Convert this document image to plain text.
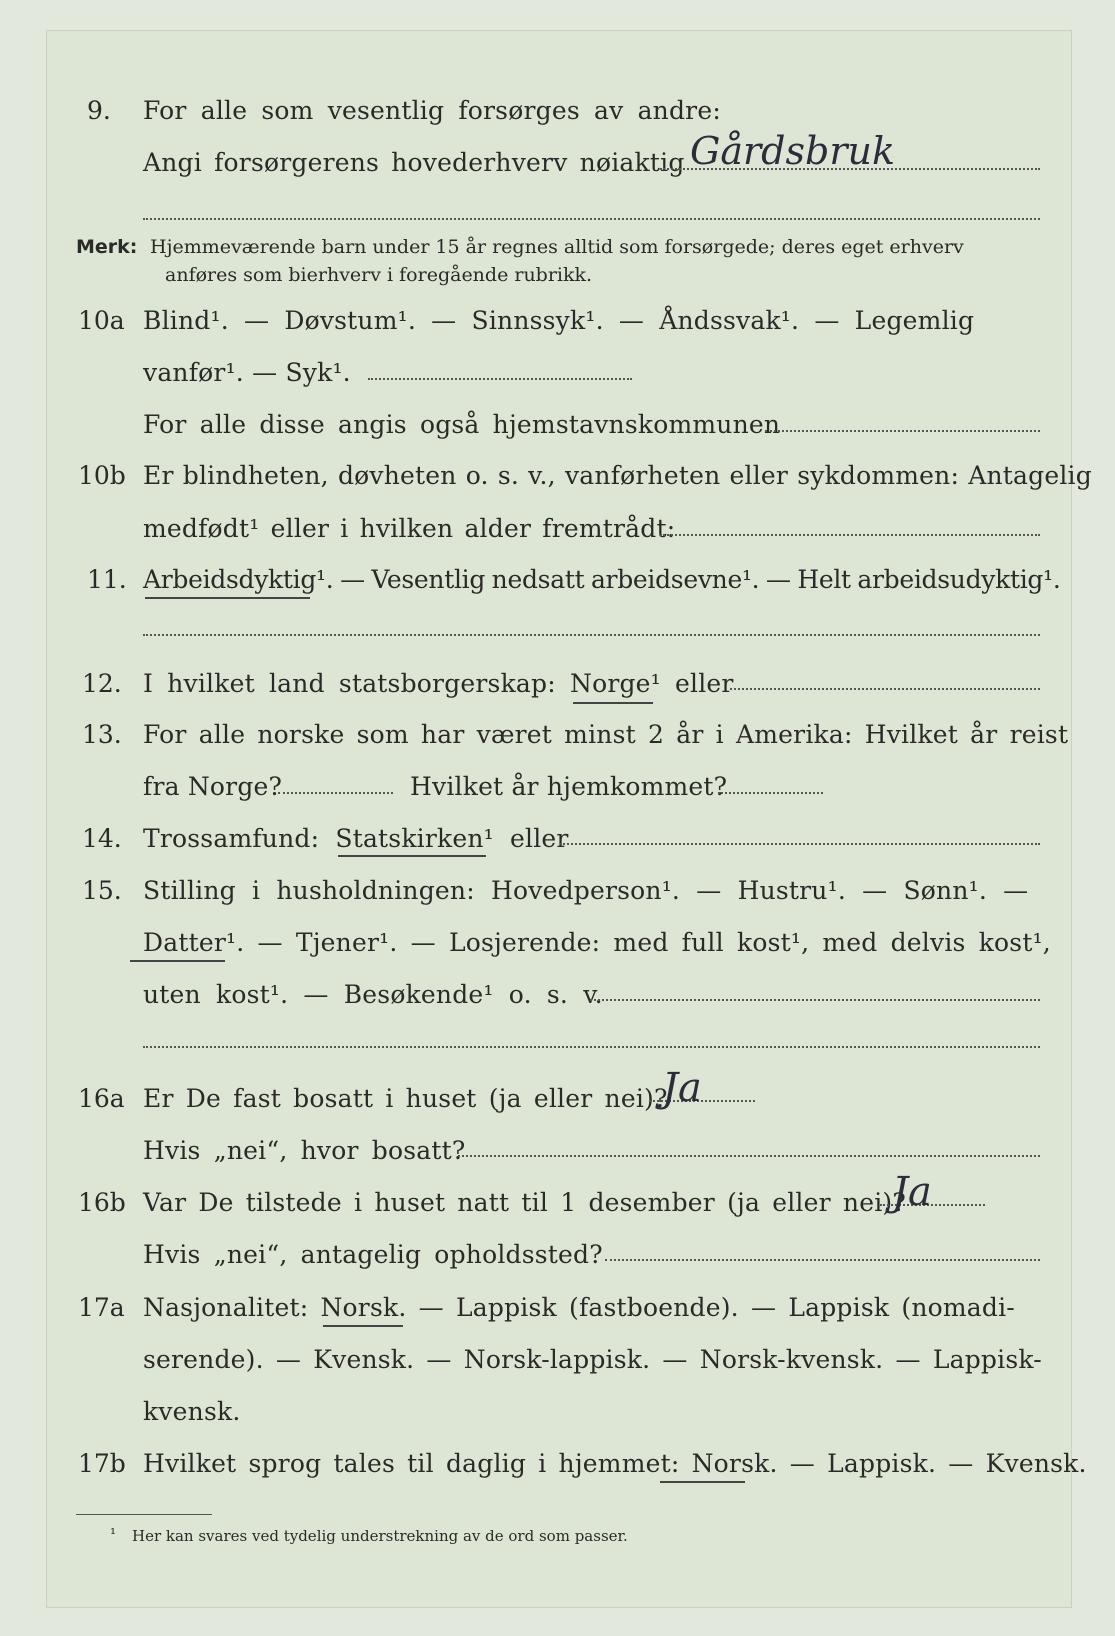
9. For alle som vesentlig forsørges av andre:
Angi forsørgerens hovederhverv nøiaktig Gårdsbruk
Merk: Hjemmeværende barn under 15 år regnes alltid som forsørgede; deres eget erhverv
anføres som bierhverv i foregående rubrikk.
10a Blind¹. — Døvstum¹. — Sinnssyk¹. — Åndssvak¹. — Legemlig
vanfør¹. — Syk¹.
For alle disse angis også hjemstavnskommunen
10b Er blindheten, døvheten o. s. v., vanførheten eller sykdommen: Antagelig
medfødt¹ eller i hvilken alder fremtrådt:
11. Arbeidsdyktig¹. — Vesentlig nedsatt arbeidsevne¹. — Helt arbeidsudyktig¹.
12. I hvilket land statsborgerskap: Norge¹ eller
13. For alle norske som har været minst 2 år i Amerika: Hvilket år reist
fra Norge?	Hvilket år hjemkommet?
14. Trossamfund: Statskirken¹ eller
15. Stilling i husholdningen: Hovedperson¹. — Hustru¹. — Sønn¹. —
Datter¹. — Tjener¹. — Losjerende: med full kost¹, med delvis kost¹,
uten kost¹. — Besøkende¹ o. s. v.
16a Er De fast bosatt i huset (ja eller nei)?
Ja
Hvis „nei“, hvor bosatt?
16b Var De tilstede i huset natt til 1 desember (ja eller nei)?
Ja
Hvis „nei“, antagelig opholdssted?
17a Nasjonalitet: Norsk. — Lappisk (fastboende). — Lappisk (nomadi-
serende). — Kvensk. — Norsk-lappisk. — Norsk-kvensk. — Lappisk-
kvensk.
17b Hvilket sprog tales til daglig i hjemmet: Norsk. — Lappisk. — Kvensk.
¹ Her kan svares ved tydelig understrekning av de ord som passer.
